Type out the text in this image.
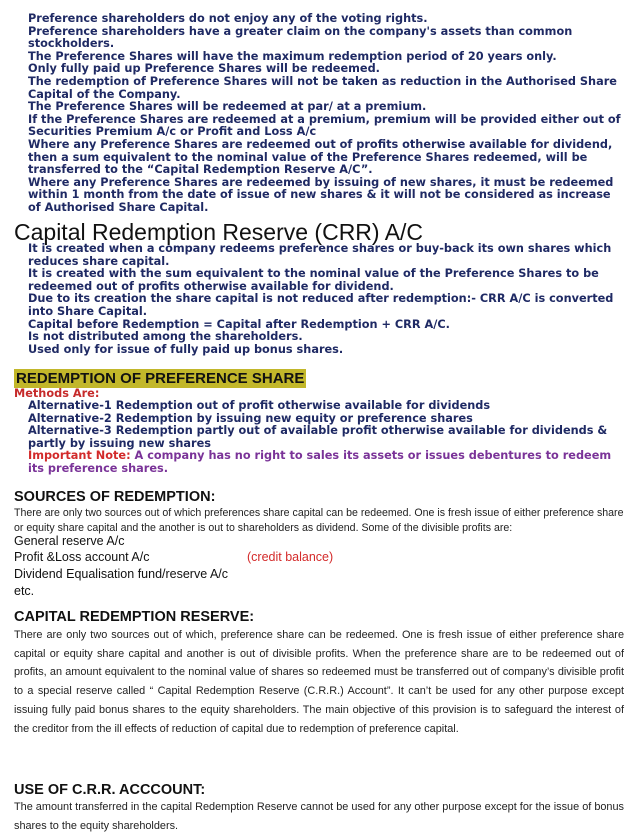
Preference shareholders do not enjoy any of the voting rights.

Preference shareholders have a greater claim on the company's assets than common stockholders.

The Preference Shares will have the maximum redemption period of 20 years only.

Only fully paid up Preference Shares will be redeemed.

The redemption of Preference Shares will not be taken as reduction in the Authorised Share Capital of the Company.

The Preference Shares will be redeemed at par/ at a premium.

If the Preference Shares are redeemed at a premium, premium will be provided either out of Securities Premium A/c or Profit and Loss A/c

Where any Preference Shares are redeemed out of profits otherwise available for dividend, then a sum equivalent to the nominal value of the Preference Shares redeemed, will be transferred to the “Capital Redemption Reserve A/C”.

Where any Preference Shares are redeemed by issuing of new shares, it must be redeemed within 1 month from the date of issue of new shares & it will not be considered as increase of Authorised Share Capital.

Capital Redemption Reserve (CRR) A/C

It is created when a company redeems preference shares or buy-back its own shares which reduces share capital.

It is created with the sum equivalent to the nominal value of the Preference Shares to be redeemed out of profits otherwise available for dividend.

Due to its creation the share capital is not reduced after redemption:- CRR A/C is converted into Share Capital.

Capital before Redemption = Capital after Redemption + CRR A/C.

Is not distributed among the shareholders.

Used only for issue of fully paid up bonus shares.

REDEMPTION OF PREFERENCE SHARE

Methods Are:

Alternative-1 Redemption out of profit otherwise available for dividends

Alternative-2 Redemption by issuing new equity or preference shares

Alternative-3 Redemption partly out of available profit otherwise available for dividends & partly by issuing new shares

Important Note: A company has no right to sales its assets or issues debentures to redeem its preference shares.

SOURCES OF REDEMPTION:

There are only two sources out of which preferences share capital can be redeemed. One is fresh issue of either preference share or equity share capital and the another is out to shareholders as dividend. Some of the divisible profits are:

General reserve A/c

Profit &Loss account A/c	(credit balance)

Dividend Equalisation fund/reserve A/c

etc.

CAPITAL REDEMPTION RESERVE:

There are only two sources out of which, preference share can be redeemed. One is fresh issue of either preference share capital or equity share capital and another is out of divisible profits. When the preference share are to be redeemed out of profits, an amount equivalent to the nominal value of shares so redeemed must be transferred out of company’s divisible profit to a special reserve called “ Capital Redemption Reserve (C.R.R.) Account”. It can’t be used for any other purpose except issuing fully paid bonus shares to the equity shareholders. The main objective of this provision is to safeguard the interest of the creditor from the ill effects of reduction of capital due to redemption of preference capital.

USE OF C.R.R. ACCCOUNT:

The amount transferred in the capital Redemption Reserve cannot be used for any other purpose except for the issue of bonus shares to the equity shareholders.
